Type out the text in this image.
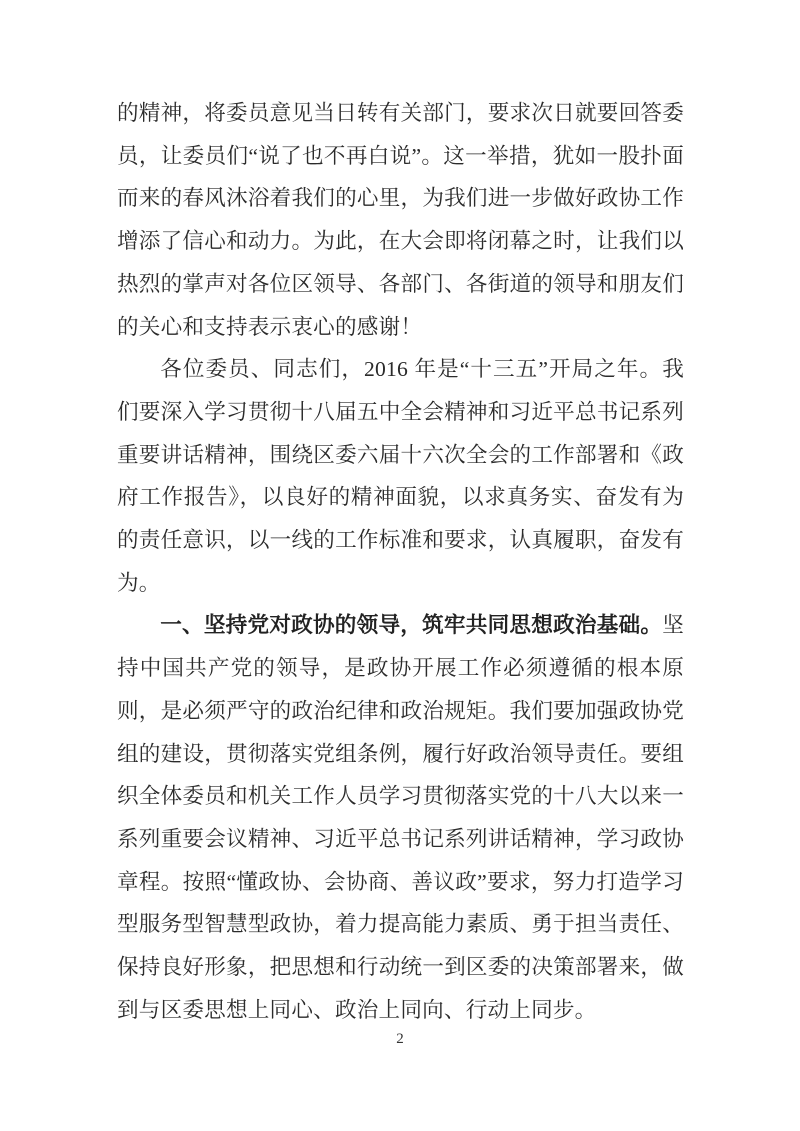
的精神，将委员意见当日转有关部门，要求次日就要回答委员，让委员们“说了也不再白说”。这一举措，犹如一股扑面而来的春风沐浴着我们的心里，为我们进一步做好政协工作增添了信心和动力。为此，在大会即将闭幕之时，让我们以热烈的掌声对各位区领导、各部门、各街道的领导和朋友们的关心和支持表示衷心的感谢！

各位委员、同志们，2016 年是“十三五”开局之年。我们要深入学习贯彻十八届五中全会精神和习近平总书记系列重要讲话精神，围绕区委六届十六次全会的工作部署和《政府工作报告》，以良好的精神面貌，以求真务实、奋发有为的责任意识，以一线的工作标准和要求，认真履职，奋发有为。

一、坚持党对政协的领导，筑牢共同思想政治基础。坚持中国共产党的领导，是政协开展工作必须遵循的根本原则，是必须严守的政治纪律和政治规矩。我们要加强政协党组的建设，贯彻落实党组条例，履行好政治领导责任。要组织全体委员和机关工作人员学习贯彻落实党的十八大以来一系列重要会议精神、习近平总书记系列讲话精神，学习政协章程。按照“懂政协、会协商、善议政”要求，努力打造学习型服务型智慧型政协，着力提高能力素质、勇于担当责任、保持良好形象，把思想和行动统一到区委的决策部署来，做到与区委思想上同心、政治上同向、行动上同步。

2
